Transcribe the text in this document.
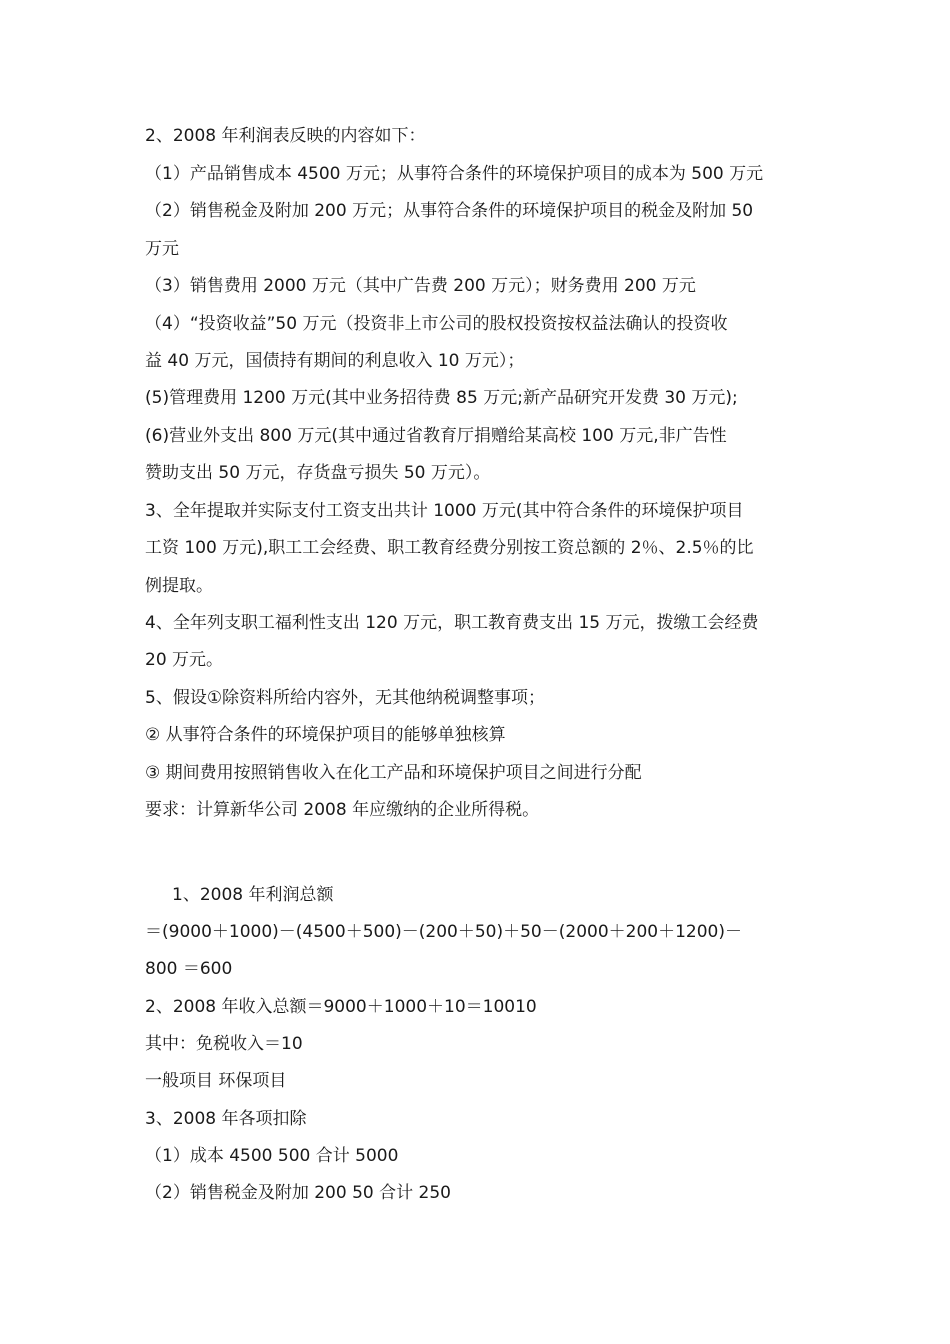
2、2008 年利润表反映的内容如下：
（1）产品销售成本 4500 万元；从事符合条件的环境保护项目的成本为 500 万元
（2）销售税金及附加 200 万元；从事符合条件的环境保护项目的税金及附加 50
万元
（3）销售费用 2000 万元（其中广告费 200 万元）；财务费用 200 万元
（4）“投资收益”50 万元（投资非上市公司的股权投资按权益法确认的投资收
益 40 万元，国债持有期间的利息收入 10 万元）；
(5)管理费用 1200 万元(其中业务招待费 85 万元;新产品研究开发费 30 万元);
(6)营业外支出 800 万元(其中通过省教育厅捐赠给某高校 100 万元,非广告性
赞助支出 50 万元，存货盘亏损失 50 万元）。
3、全年提取并实际支付工资支出共计 1000 万元(其中符合条件的环境保护项目
工资 100 万元),职工工会经费、职工教育经费分别按工资总额的 2％、2.5％的比
例提取。
4、全年列支职工福利性支出 120 万元，职工教育费支出 15 万元，拨缴工会经费
20 万元。
5、假设①除资料所给内容外，无其他纳税调整事项；
② 从事符合条件的环境保护项目的能够单独核算
③ 期间费用按照销售收入在化工产品和环境保护项目之间进行分配
要求：计算新华公司 2008 年应缴纳的企业所得税。
1、2008 年利润总额
＝(9000＋1000)－(4500＋500)－(200＋50)＋50－(2000＋200＋1200)－
800 ＝600
2、2008 年收入总额＝9000＋1000＋10＝10010
其中：免税收入＝10
一般项目 环保项目
3、2008 年各项扣除
（1）成本 4500 500 合计 5000
（2）销售税金及附加 200 50 合计 250
